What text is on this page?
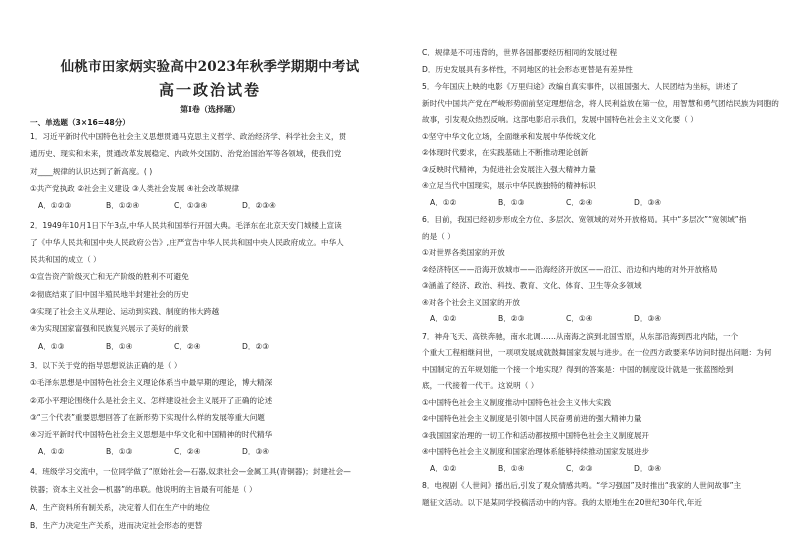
仙桃市田家炳实验高中2023年秋季学期期中考试
高一政治试卷
第Ⅰ卷（选择题）
一、单选题（3×16=48分）
1．习近平新时代中国特色社会主义思想贯通马克思主义哲学、政治经济学、科学社会主义，贯
通历史、现实和未来，贯通改革发展稳定、内政外交国防、治党治国治军等各领域，使我们党
对____规律的认识达到了新高度。( )
①共产党执政 ②社会主义建设 ③人类社会发展 ④社会改革规律
A．①②③	B．①②④	C．①③④	D．②③④
2．1949年10月1日下午3点,中华人民共和国举行开国大典。毛泽东在北京天安门城楼上宣读
了《中华人民共和国中央人民政府公告》,庄严宣告中华人民共和国中央人民政府成立。中华人
民共和国的成立（ ）
①宣告资产阶级灭亡和无产阶级的胜利不可避免
②彻底结束了旧中国半殖民地半封建社会的历史
③实现了社会主义从理论、运动到实践、制度的伟大跨越
④为实现国家富强和民族复兴展示了美好的前景
A．①③	B．①④	C．②④	D．②③
3．以下关于党的指导思想说法正确的是（ ）
①毛泽东思想是中国特色社会主义理论体系当中最早期的理论，博大精深
②邓小平理论围绕什么是社会主义、怎样建设社会主义展开了正确的论述
③“三个代表”重要思想回答了在新形势下实现什么样的发展等重大问题
④习近平新时代中国特色社会主义思想是中华文化和中国精神的时代精华
A．①②	B．①③	C．②④	D．③④
4．班级学习交流中，一位同学做了“原始社会—石器,奴隶社会—金属工具(青铜器)；封建社会—
铁器；资本主义社会—机器”的串联。他说明的主旨最有可能是（ ）
A．生产资料所有制关系，决定着人们在生产中的地位
B．生产力决定生产关系，进而决定社会形态的更替
C．规律是不可违背的，世界各国都要经历相同的发展过程
D．历史发展具有多样性，不同地区的社会形态更替是有差异性
5．今年国庆上映的电影《万里归途》改编自真实事件，以祖国强大、人民团结为坐标，讲述了
新时代中国共产党在严峻形势面前坚定理想信念，将人民利益放在第一位，用智慧和勇气团结民族为同胞的
故事，引发观众热烈反响。这部电影启示我们，发展中国特色社会主义文化要（ ）
①坚守中华文化立场，全面继承和发展中华传统文化
②体现时代要求，在实践基础上不断推动理论创新
③反映时代精神，为促进社会发展注入强大精神力量
④立足当代中国现实，展示中华民族独特的精神标识
A．①②	B．①③	C．②④	D．③④
6．目前，我国已经初步形成全方位、多层次、宽领域的对外开放格局。其中“多层次”“宽领域”指
的是（ ）
①对世界各类国家的开放
②经济特区——沿海开放城市——沿海经济开放区——沿江、沿边和内地的对外开放格局
③涵盖了经济、政治、科技、教育、文化、体育、卫生等众多领域
④对各个社会主义国家的开放
A．①②	B．②③	C．①④	D．③④
7．神舟飞天、高铁奔驰，南水北调……从南海之滨到北国雪原，从东部沿海到西北内陆，一个
个重大工程相继问世，一项项发展成就鼓舞国家发展与进步。在一位西方政要来华访问时提出问题：为何
中国制定的五年规划能一个接一个地实现？得到的答案是：中国的制度设计就是一张蓝图绘到
底，一代接着一代干。这说明（ ）
①中国特色社会主义制度推动中国特色社会主义伟大实践
②中国特色社会主义制度是引领中国人民奋勇前进的强大精神力量
③我国国家治理的一切工作和活动都按照中国特色社会主义制度展开
④中国特色社会主义制度和国家治理体系能够持续推动国家发展进步
A．①②	B．①④	C．②③	D．③④
8．电视剧《人世间》播出后,引发了观众情感共鸣。“学习强国”及时推出“我家的人世间故事”主
题征文活动。以下是某同学投稿活动中的内容。我的太原地生在20世纪30年代,年近
